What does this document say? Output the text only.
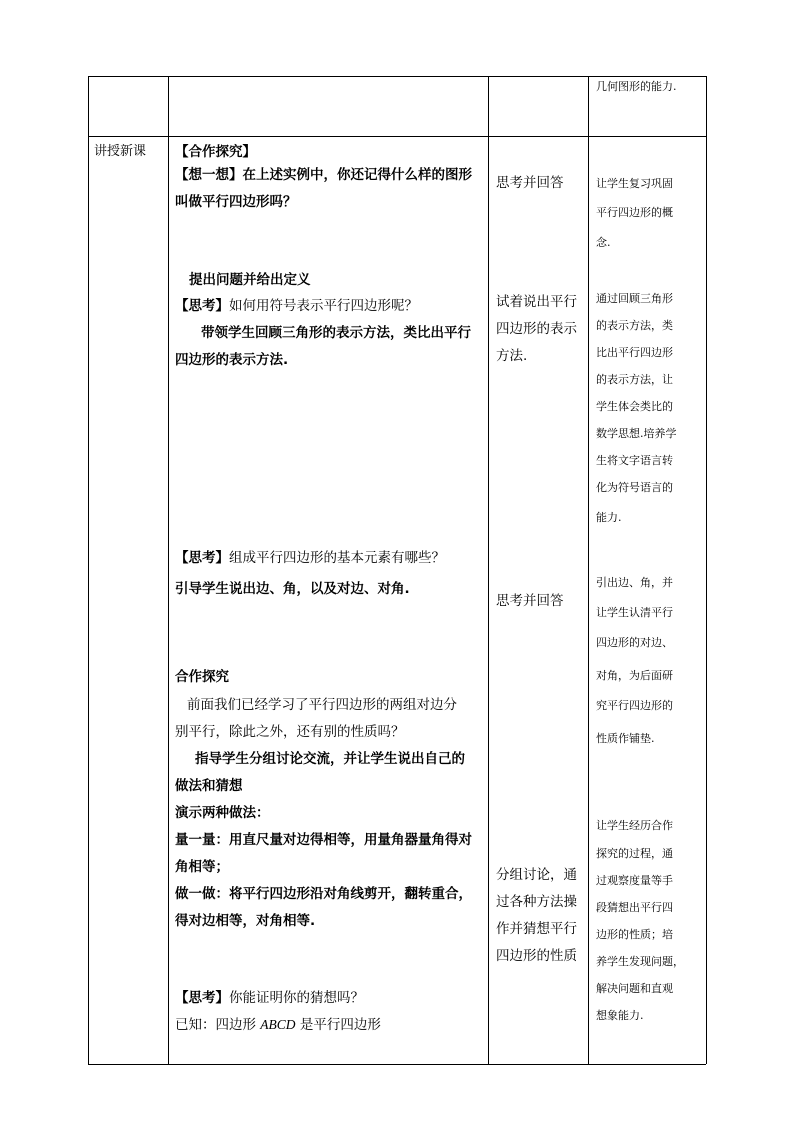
几何图形的能力.
讲授新课 【合作探究】
【想一想】在上述实例中，你还记得什么样的图形
叫做平行四边形吗？
提出问题并给出定义
【思考】如何用符号表示平行四边形呢？
带领学生回顾三角形的表示方法，类比出平行
四边形的表示方法.
【思考】组成平行四边形的基本元素有哪些？
引导学生说出边、角，以及对边、对角.
合作探究
前面我们已经学习了平行四边形的两组对边分
别平行，除此之外，还有别的性质吗？
指导学生分组讨论交流，并让学生说出自己的
做法和猜想
演示两种做法：
量一量：用直尺量对边得相等，用量角器量角得对
角相等；
做一做：将平行四边形沿对角线剪开，翻转重合，
得对边相等，对角相等.
【思考】你能证明你的猜想吗？
已知：四边形 ABCD 是平行四边形
思考并回答
试着说出平行
四边形的表示
方法.
思考并回答
分组讨论，通
过各种方法操
作并猜想平行
四边形的性质
让学生复习巩固
平行四边形的概
念.
通过回顾三角形
的表示方法，类
比出平行四边形
的表示方法，让
学生体会类比的
数学思想.培养学
生将文字语言转
化为符号语言的
能力.
引出边、角，并
让学生认清平行
四边形的对边、
对角，为后面研
究平行四边形的
性质作铺垫.
让学生经历合作
探究的过程，通
过观察度量等手
段猜想出平行四
边形的性质；培
养学生发现问题，
解决问题和直观
想象能力.
